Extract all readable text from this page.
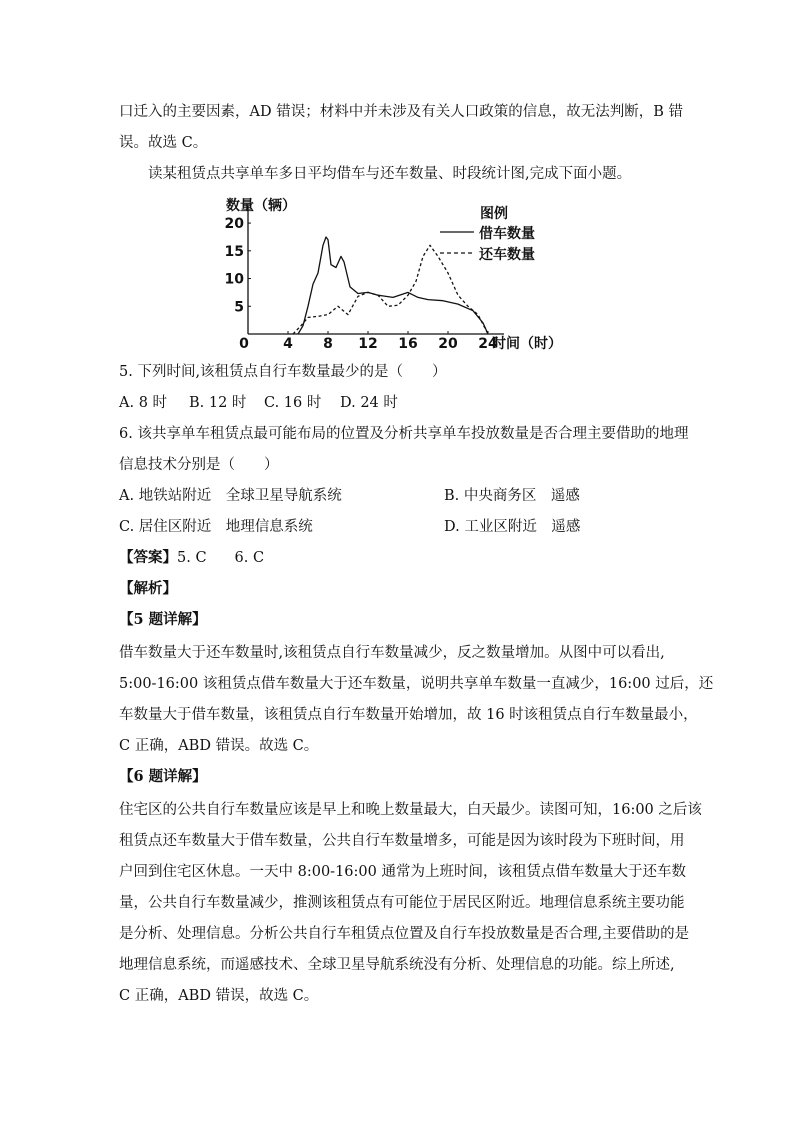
口迁入的主要因素，AD 错误；材料中并未涉及有关人口政策的信息，故无法判断，B 错
误。故选 C。
读某租赁点共享单车多日平均借车与还车数量、时段统计图,完成下面小题。
数量（辆）
时间（时）
图例
借车数量
还车数量
0 4 8 12 16 20 24
5
10
15
20
5. 下列时间,该租赁点自行车数量最少的是（　　）
A. 8 时 B. 12 时 C. 16 时 D. 24 时
6. 该共享单车租赁点最可能布局的位置及分析共享单车投放数量是否合理主要借助的地理
信息技术分别是（　　）
A. 地铁站附近　全球卫星导航系统	B. 中央商务区　遥感
C. 居住区附近　地理信息系统	D. 工业区附近　遥感
【答案】5. C 6. C
【解析】
【5 题详解】
借车数量大于还车数量时,该租赁点自行车数量减少，反之数量增加。从图中可以看出,
5:00-16:00 该租赁点借车数量大于还车数量，说明共享单车数量一直减少，16:00 过后，还
车数量大于借车数量，该租赁点自行车数量开始增加，故 16 时该租赁点自行车数量最小，
C 正确，ABD 错误。故选 C。
【6 题详解】
住宅区的公共自行车数量应该是早上和晚上数量最大，白天最少。读图可知，16:00 之后该
租赁点还车数量大于借车数量，公共自行车数量增多，可能是因为该时段为下班时间，用
户回到住宅区休息。一天中 8:00-16:00 通常为上班时间，该租赁点借车数量大于还车数
量，公共自行车数量减少，推测该租赁点有可能位于居民区附近。地理信息系统主要功能
是分析、处理信息。分析公共自行车租赁点位置及自行车投放数量是否合理,主要借助的是
地理信息系统，而遥感技术、全球卫星导航系统没有分析、处理信息的功能。综上所述,
C 正确，ABD 错误，故选 C。
